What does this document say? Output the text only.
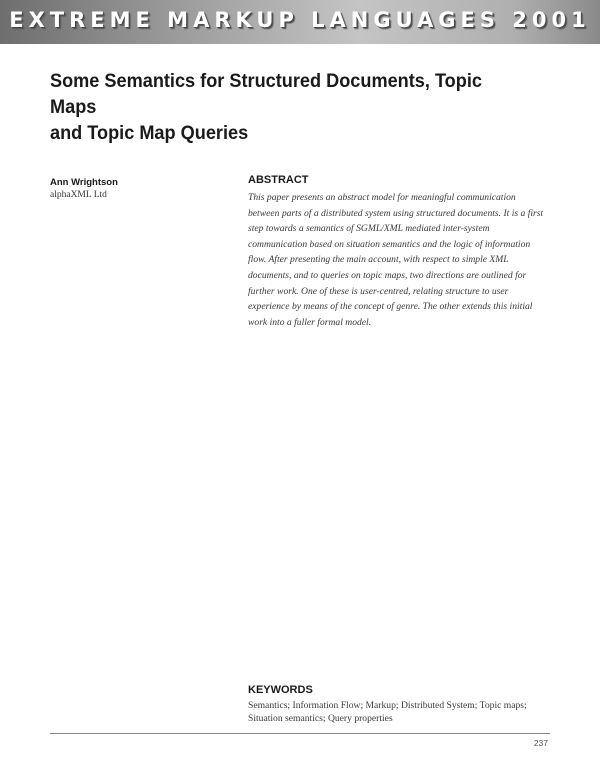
EXTREME MARKUP LANGUAGES 2001
Some Semantics for Structured Documents, Topic Maps
and Topic Map Queries
Ann Wrightson
alphaXML Ltd
ABSTRACT

This paper presents an abstract model for meaningful communication between parts of a distributed system using structured documents. It is a first step towards a semantics of SGML/XML mediated inter-system communication based on situation semantics and the logic of information flow. After presenting the main account, with respect to simple XML documents, and to queries on topic maps, two directions are outlined for further work. One of these is user-centred, relating structure to user experience by means of the concept of genre. The other extends this initial work into a fuller formal model.

KEYWORDS

Semantics; Information Flow; Markup; Distributed System; Topic maps; Situation semantics; Query properties

237
